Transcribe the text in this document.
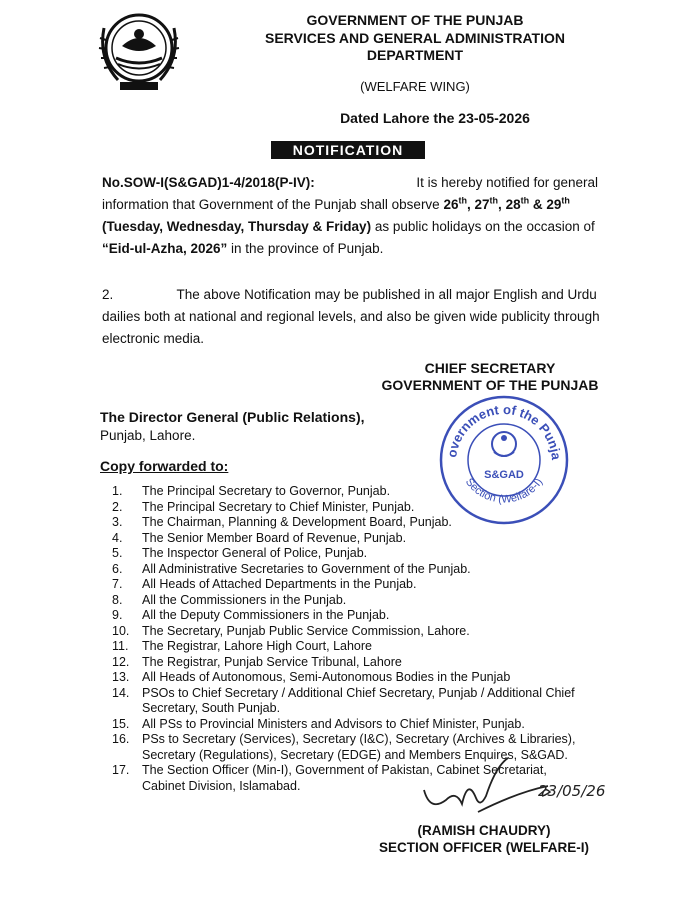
GOVERNMENT OF THE PUNJAB
SERVICES AND GENERAL ADMINISTRATION
DEPARTMENT
(WELFARE WING)
Dated Lahore the 23-05-2026
NOTIFICATION
No.SOW-I(S&GAD)1-4/2018(P-IV):	It is hereby notified for general
information that Government of the Punjab shall observe 26th, 27th, 28th & 29th
(Tuesday, Wednesday, Thursday & Friday) as public holidays on the occasion of
“Eid-ul-Azha, 2026” in the province of Punjab.
2.	The above Notification may be published in all major English and Urdu
dailies both at national and regional levels, and also be given wide publicity through
electronic media.
CHIEF SECRETARY
GOVERNMENT OF THE PUNJAB
The Director General (Public Relations),
Punjab, Lahore.
overnment of the Punja
Section (Welfare-I)
S&GAD
Copy forwarded to:
1.	The Principal Secretary to Governor, Punjab.
2.	The Principal Secretary to Chief Minister, Punjab.
3.	The Chairman, Planning & Development Board, Punjab.
4.	The Senior Member Board of Revenue, Punjab.
5.	The Inspector General of Police, Punjab.
6.	All Administrative Secretaries to Government of the Punjab.
7.	All Heads of Attached Departments in the Punjab.
8.	All the Commissioners in the Punjab.
9.	All the Deputy Commissioners in the Punjab.
10.	The Secretary, Punjab Public Service Commission, Lahore.
11.	The Registrar, Lahore High Court, Lahore
12.	The Registrar, Punjab Service Tribunal, Lahore
13.	All Heads of Autonomous, Semi-Autonomous Bodies in the Punjab
14.	PSOs to Chief Secretary / Additional Chief Secretary, Punjab / Additional Chief
Secretary, South Punjab.
15.	All PSs to Provincial Ministers and Advisors to Chief Minister, Punjab.
16.	PSs to Secretary (Services), Secretary (I&C), Secretary (Archives & Libraries),
Secretary (Regulations), Secretary (EDGE) and Members Enquires, S&GAD.
17.	The Section Officer (Min-I), Government of Pakistan, Cabinet Secretariat,
Cabinet Division, Islamabad.	23/05/26
(RAMISH CHAUDRY)
SECTION OFFICER (WELFARE-I)
